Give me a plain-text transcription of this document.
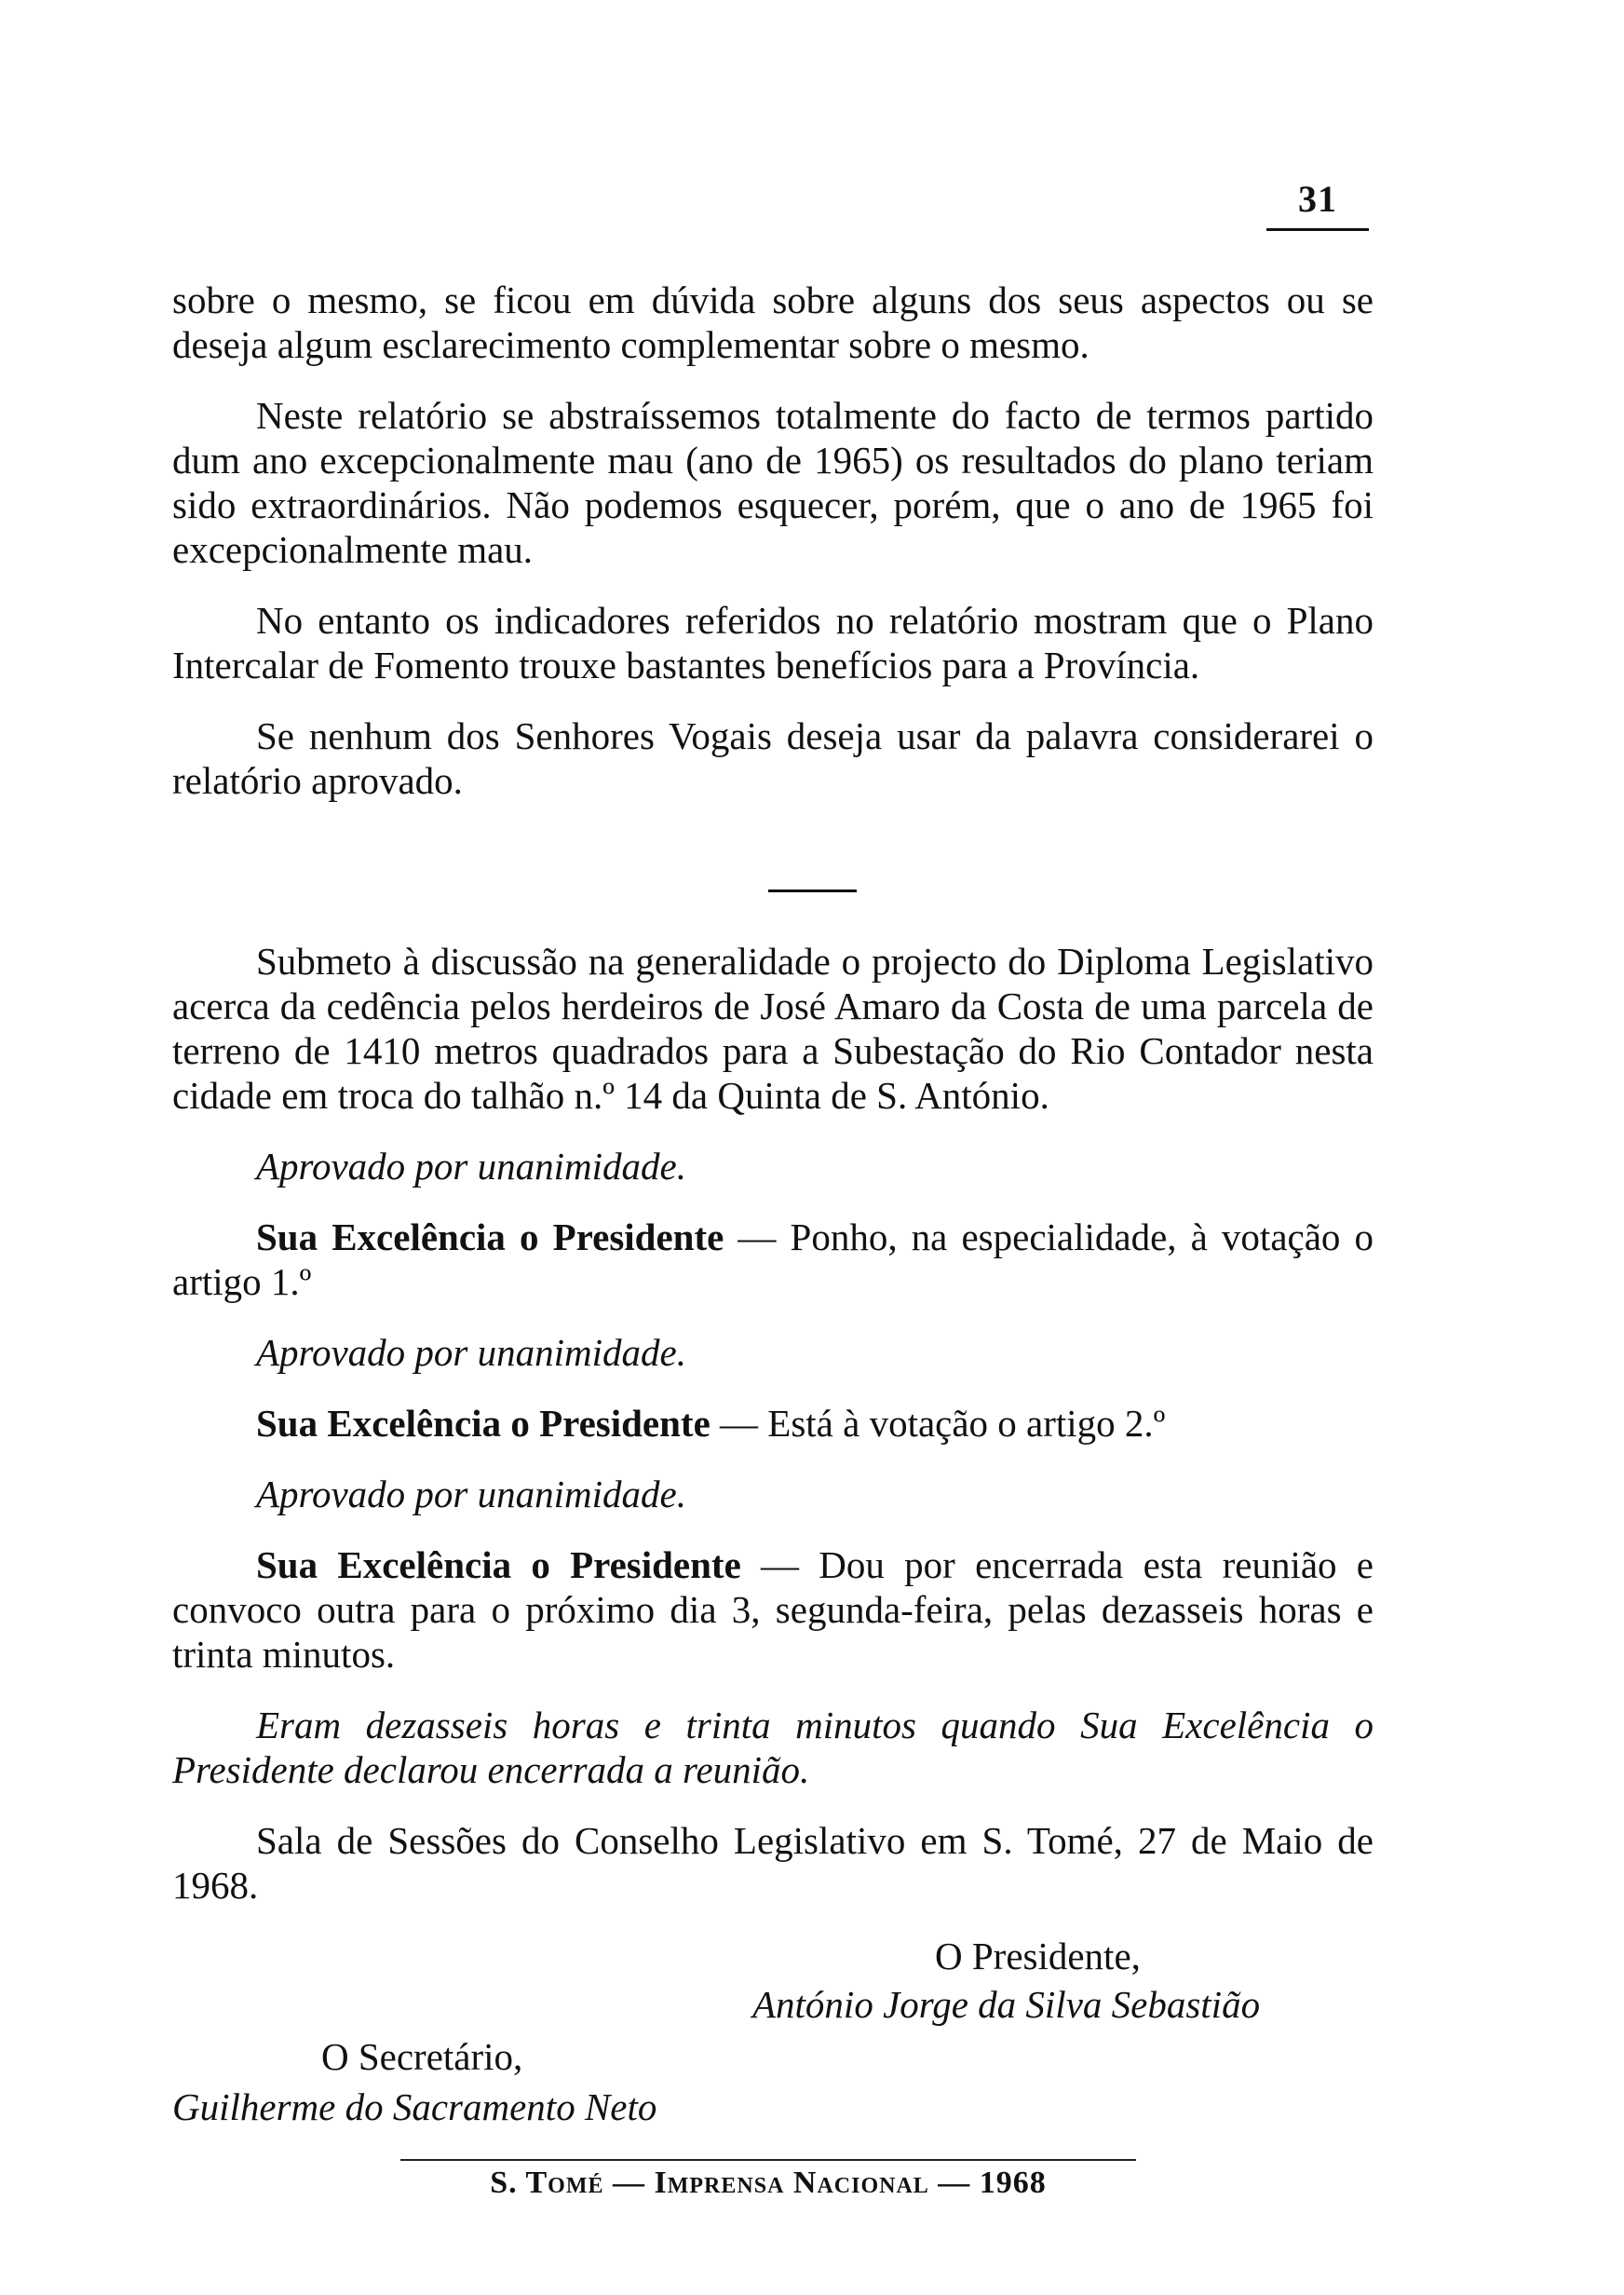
31

sobre o mesmo, se ficou em dúvida sobre alguns dos seus aspectos ou se deseja algum esclarecimento complementar sobre o mesmo.

Neste relatório se abstraíssemos totalmente do facto de termos partido dum ano excepcionalmente mau (ano de 1965) os resultados do plano teriam sido extraordinários. Não podemos esquecer, porém, que o ano de 1965 foi excepcionalmente mau.

No entanto os indicadores referidos no relatório mostram que o Plano Intercalar de Fomento trouxe bastantes benefícios para a Província.

Se nenhum dos Senhores Vogais deseja usar da palavra considerarei o relatório aprovado.

Submeto à discussão na generalidade o projecto do Diploma Legislativo acerca da cedência pelos herdeiros de José Amaro da Costa de uma parcela de terreno de 1410 metros quadrados para a Subestação do Rio Contador nesta cidade em troca do talhão n.º 14 da Quinta de S. António.

Aprovado por unanimidade.

Sua Excelência o Presidente — Ponho, na especialidade, à votação o artigo 1.º

Aprovado por unanimidade.

Sua Excelência o Presidente — Está à votação o artigo 2.º

Aprovado por unanimidade.

Sua Excelência o Presidente — Dou por encerrada esta reunião e convoco outra para o próximo dia 3, segunda-feira, pelas dezasseis horas e trinta minutos.

Eram dezasseis horas e trinta minutos quando Sua Excelência o Presidente declarou encerrada a reunião.

Sala de Sessões do Conselho Legislativo em S. Tomé, 27 de Maio de 1968.

O Presidente,
António Jorge da Silva Sebastião
O Secretário,
Guilherme do Sacramento Neto
S. Tomé — Imprensa Nacional — 1968
